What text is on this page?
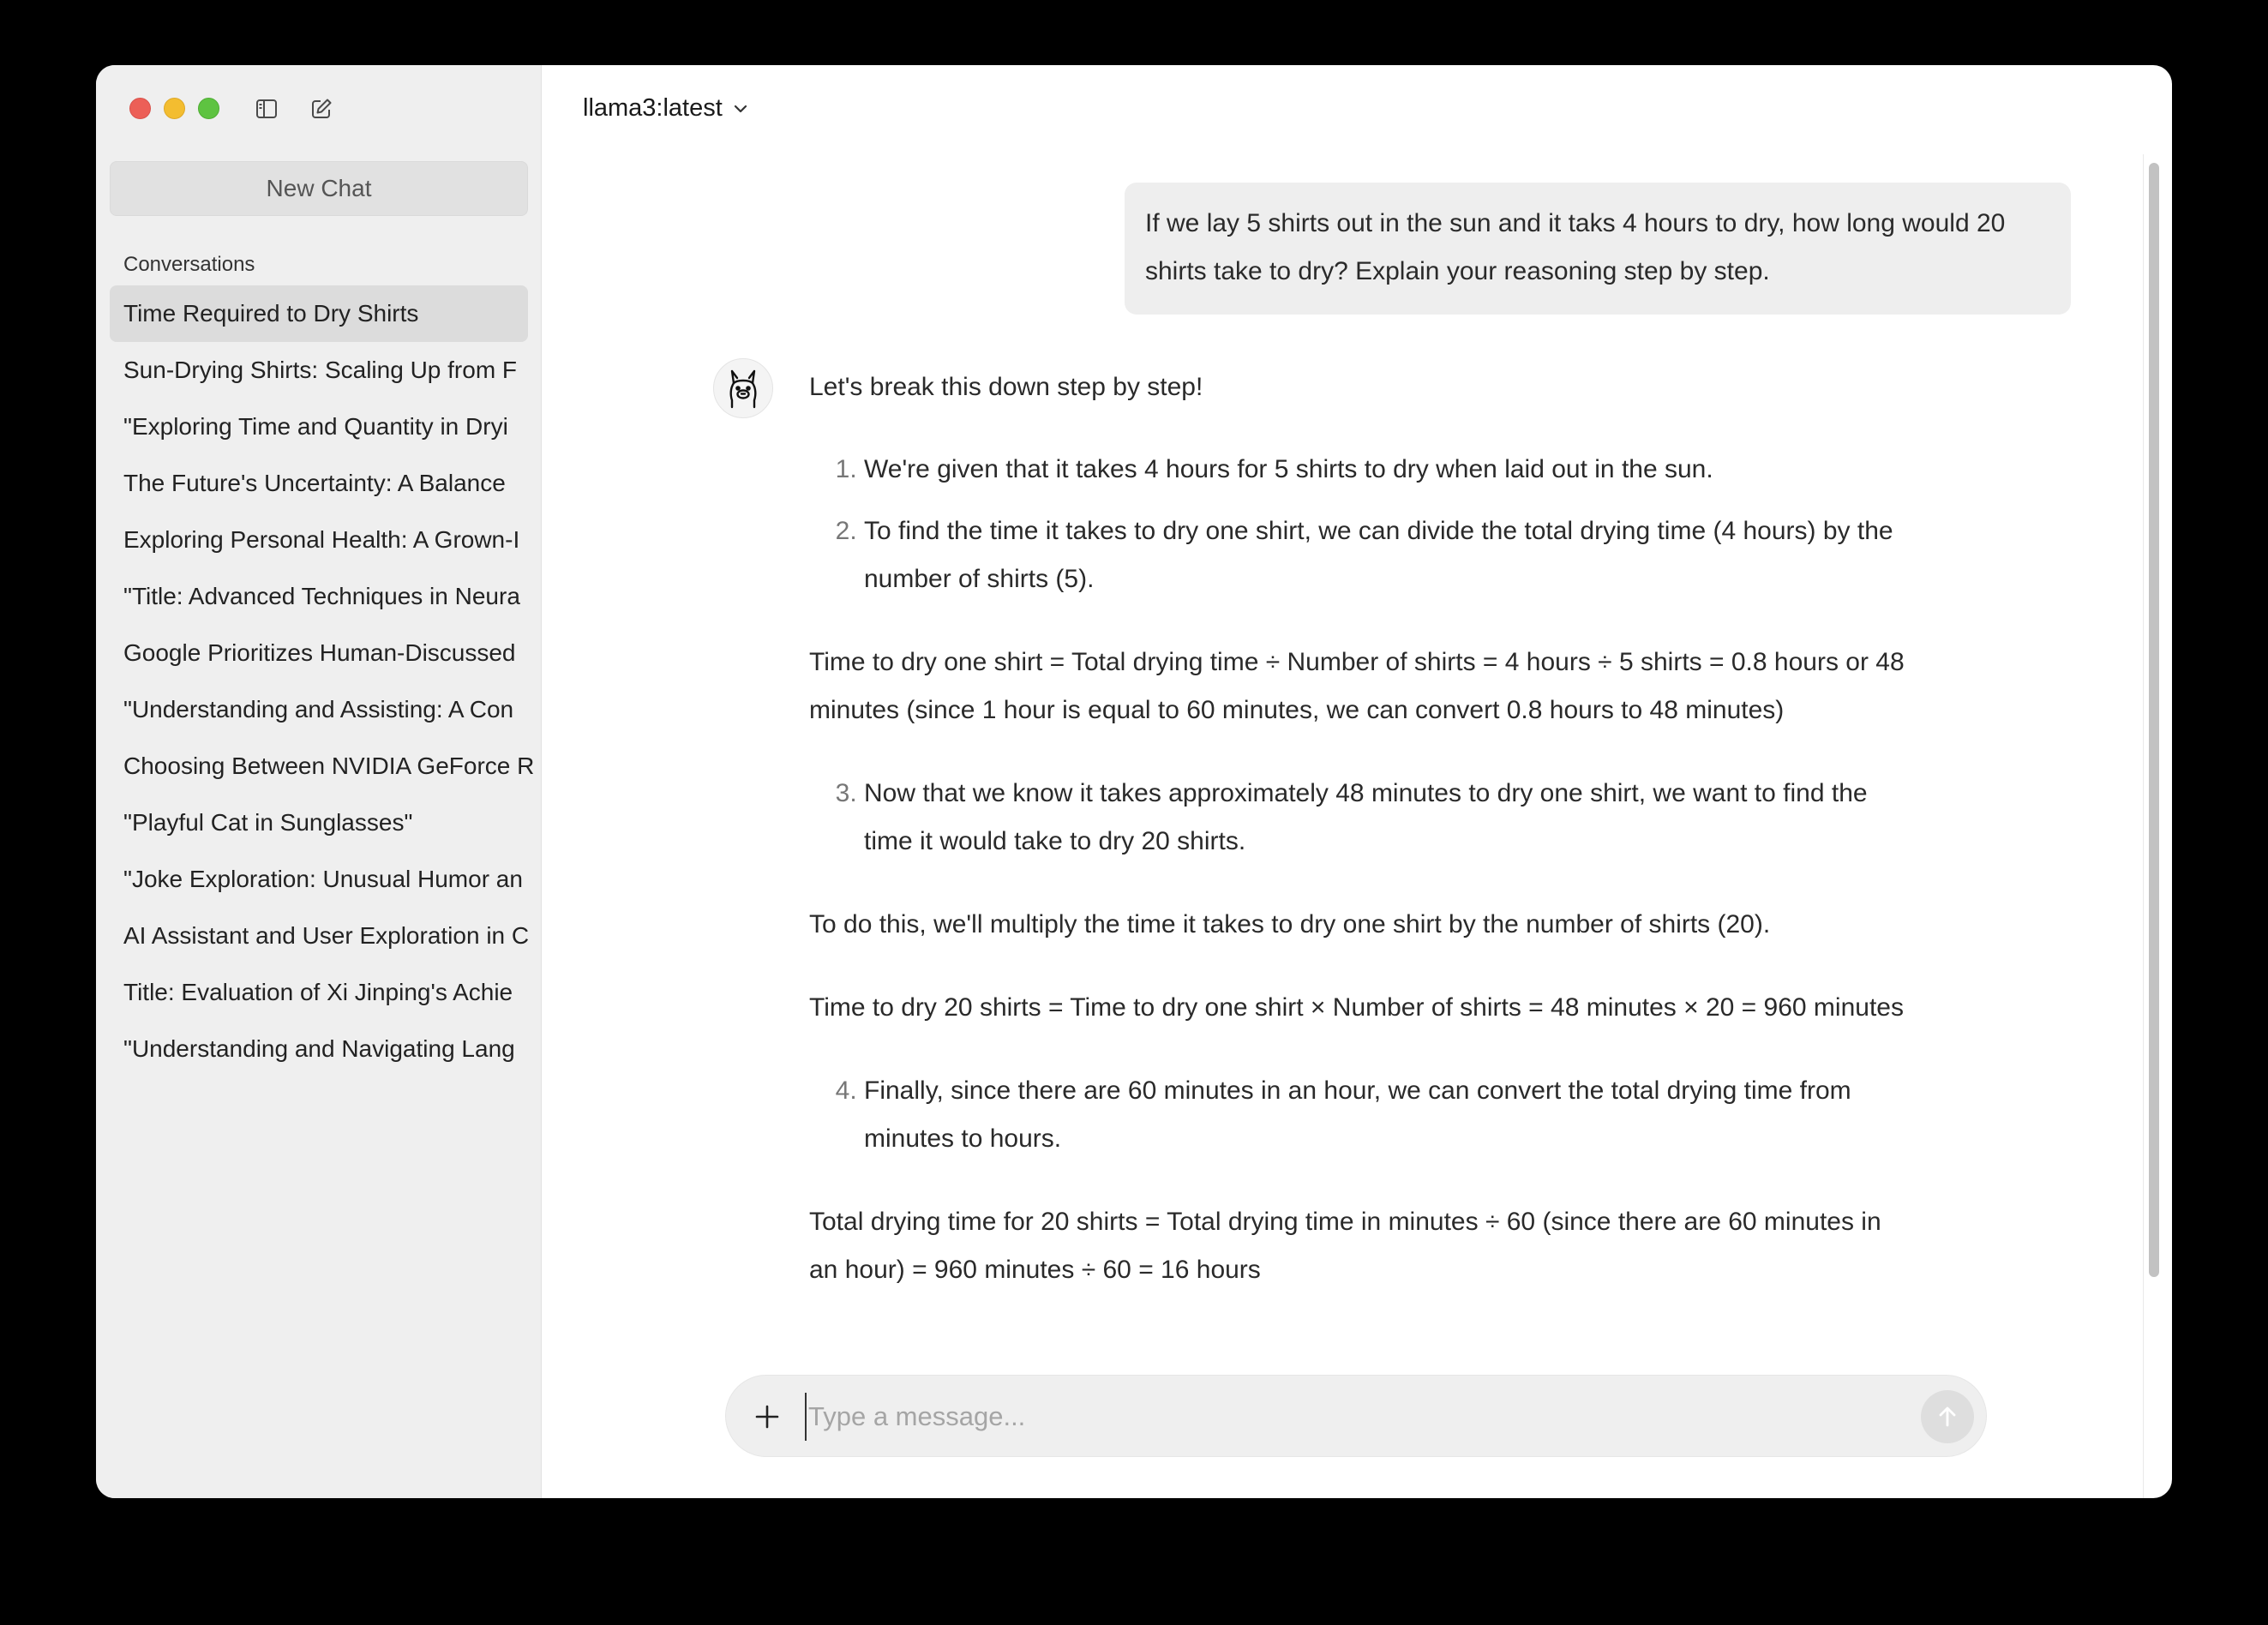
New Chat
Conversations
Time Required to Dry Shirts
Sun-Drying Shirts: Scaling Up from F
"Exploring Time and Quantity in Dryi
The Future's Uncertainty: A Balance
Exploring Personal Health: A Grown-I
"Title: Advanced Techniques in Neura
Google Prioritizes Human-Discussed
"Understanding and Assisting: A Con
Choosing Between NVIDIA GeForce R
"Playful Cat in Sunglasses"
"Joke Exploration: Unusual Humor an
AI Assistant and User Exploration in C
Title: Evaluation of Xi Jinping's Achie
"Understanding and Navigating Lang
llama3:latest
If we lay 5 shirts out in the sun and it taks 4 hours to dry, how long would 20 shirts take to dry? Explain your reasoning step by step.

Let's break this down step by step!

1. We're given that it takes 4 hours for 5 shirts to dry when laid out in the sun.
2. To find the time it takes to dry one shirt, we can divide the total drying time (4 hours) by the number of shirts (5).

Time to dry one shirt = Total drying time ÷ Number of shirts = 4 hours ÷ 5 shirts = 0.8 hours or 48 minutes (since 1 hour is equal to 60 minutes, we can convert 0.8 hours to 48 minutes)

3. Now that we know it takes approximately 48 minutes to dry one shirt, we want to find the time it would take to dry 20 shirts.

To do this, we'll multiply the time it takes to dry one shirt by the number of shirts (20).

Time to dry 20 shirts = Time to dry one shirt × Number of shirts = 48 minutes × 20 = 960 minutes

4. Finally, since there are 60 minutes in an hour, we can convert the total drying time from minutes to hours.

Total drying time for 20 shirts = Total drying time in minutes ÷ 60 (since there are 60 minutes in an hour) = 960 minutes ÷ 60 = 16 hours

Type a message...
